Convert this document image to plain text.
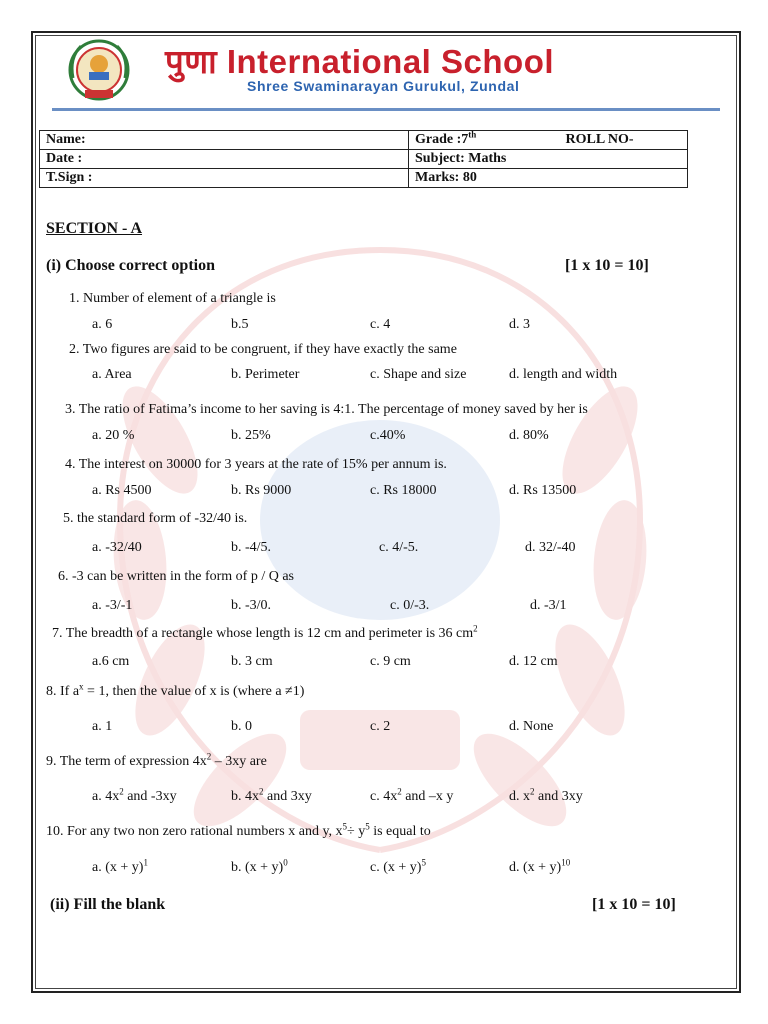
पुणा International School
Shree Swaminarayan Gurukul, Zundal
Name:	Grade :7th ROLL NO-

Date :	Subject: Maths
T.Sign :	Marks: 80
SECTION - A
(i) Choose correct option	[1 x 10 = 10]
1. Number of element of a triangle is
a. 6	b.5	c. 4	d. 3
2. Two figures are said to be congruent, if they have exactly the same
a. Area	b. Perimeter	c. Shape and size	d. length and width
3. The ratio of Fatima’s income to her saving is 4:1. The percentage of money saved by her is
a. 20 %	b. 25%	c.40%	d. 80%
4. The interest on 30000 for 3 years at the rate of 15% per annum is.
a. Rs 4500	b. Rs 9000	c. Rs 18000	d. Rs 13500
5. the standard form of -32/40 is.
a. -32/40	b. -4/5.	c. 4/-5.	d. 32/-40
6. -3 can be written in the form of p / Q as
a. -3/-1	b. -3/0.	c. 0/-3.	d. -3/1
7. The breadth of a rectangle whose length is 12 cm and perimeter is 36 $cm^2$
a.6 cm	b. 3 cm	c. 9 cm	d. 12 cm
8. If $a^x = 1$, then the value of x is (where a ≠1)
a. 1	b. 0	c. 2	d. None
9. The term of expression $4x^2 - 3xy$ are
a. $4x^2$ and -3xy	b. $4x^2$ and 3xy	c. $4x^2$ and –x y	d. $x^2$ and 3xy
10. For any two non zero rational numbers x and y, $x^5\div y^5$ is equal to
a. $(x + y)^1$	b. $(x + y)^0$	c. $(x + y)^5$	d. $(x + y)^{10}$
(ii) Fill the blank	[1 x 10 = 10]
